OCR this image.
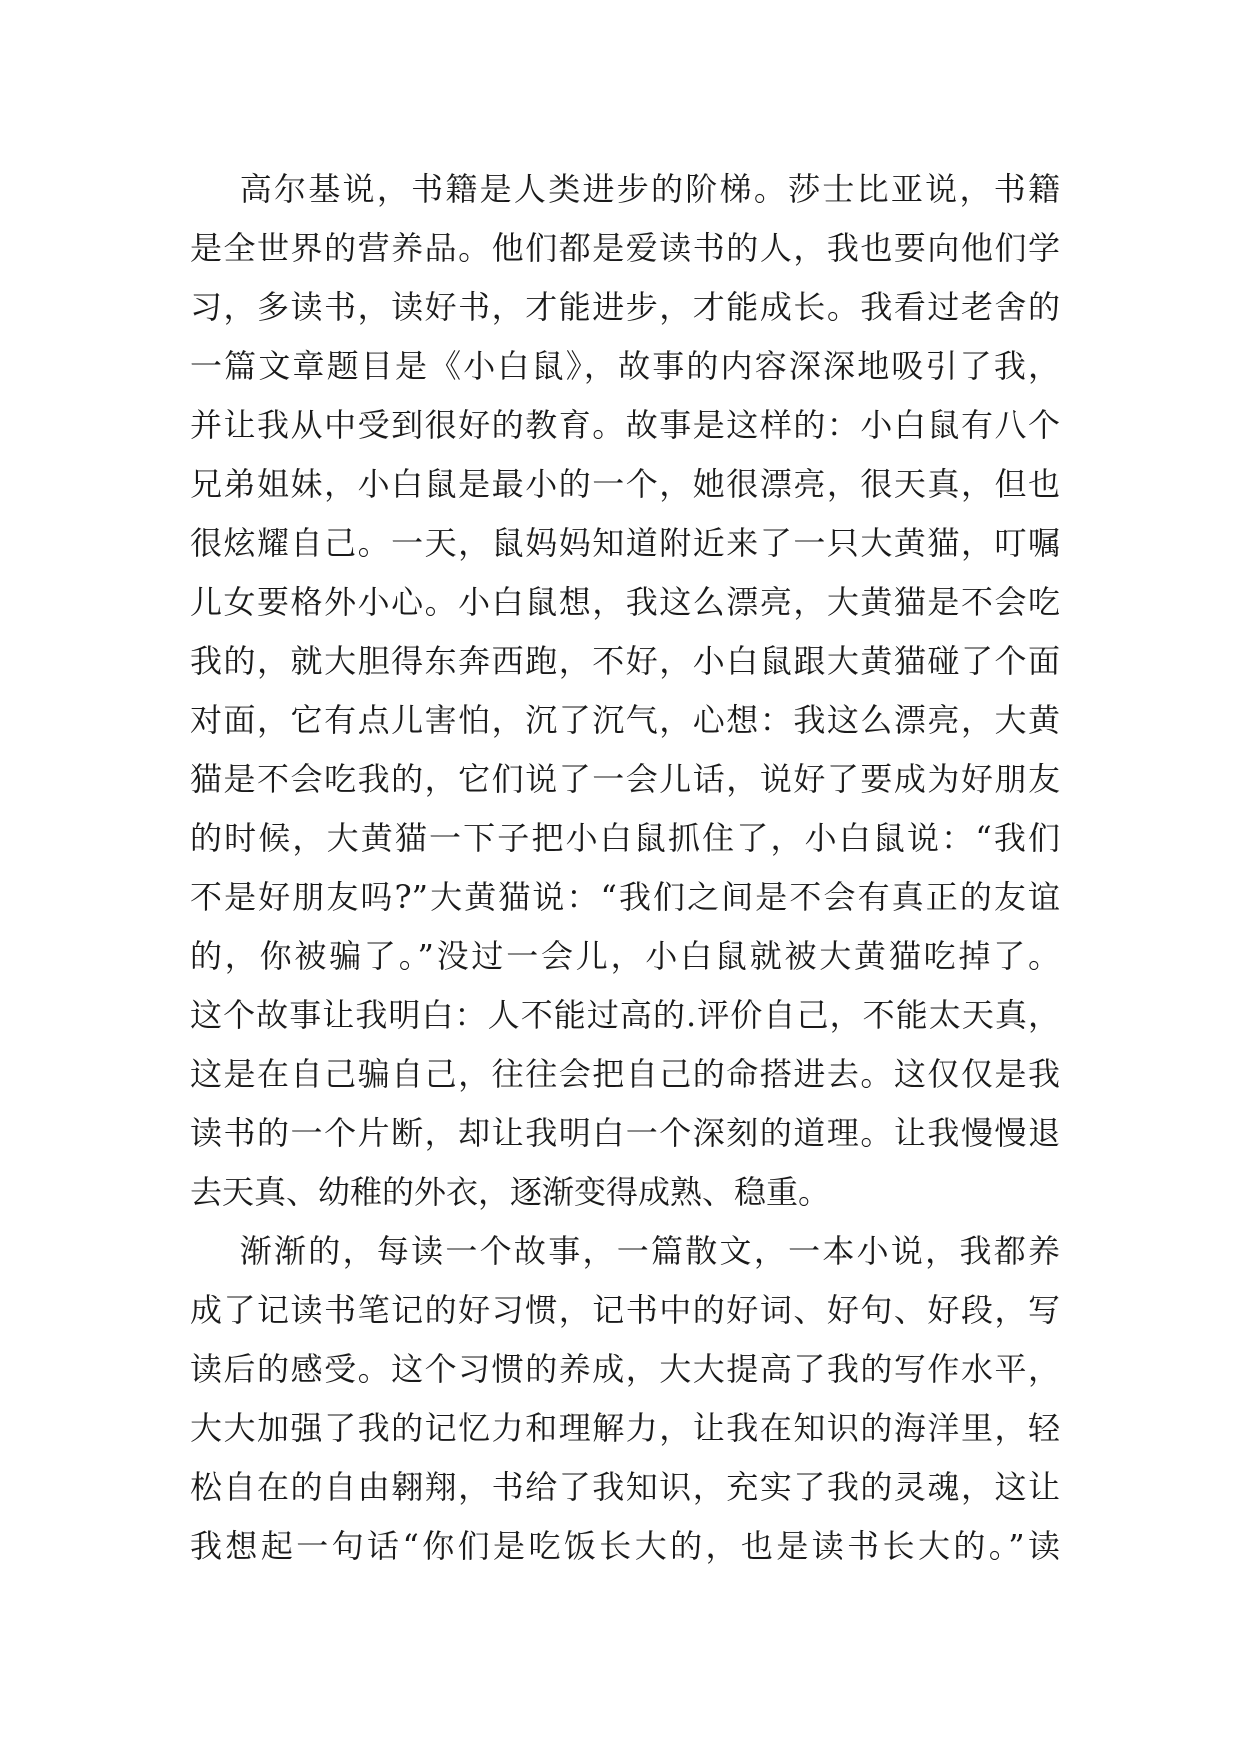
高尔基说，书籍是人类进步的阶梯。莎士比亚说，书籍
是全世界的营养品。他们都是爱读书的人，我也要向他们学
习，多读书，读好书，才能进步，才能成长。我看过老舍的
一篇文章题目是《小白鼠》，故事的内容深深地吸引了我，
并让我从中受到很好的教育。故事是这样的：小白鼠有八个
兄弟姐妹，小白鼠是最小的一个，她很漂亮，很天真，但也
很炫耀自己。一天，鼠妈妈知道附近来了一只大黄猫，叮嘱
儿女要格外小心。小白鼠想，我这么漂亮，大黄猫是不会吃
我的，就大胆得东奔西跑，不好，小白鼠跟大黄猫碰了个面
对面，它有点儿害怕，沉了沉气，心想：我这么漂亮，大黄
猫是不会吃我的，它们说了一会儿话，说好了要成为好朋友
的时候，大黄猫一下子把小白鼠抓住了，小白鼠说：“我们
不是好朋友吗?”大黄猫说：“我们之间是不会有真正的友谊
的，你被骗了。”没过一会儿，小白鼠就被大黄猫吃掉了。
这个故事让我明白：人不能过高的.评价自己，不能太天真，
这是在自己骗自己，往往会把自己的命搭进去。这仅仅是我
读书的一个片断，却让我明白一个深刻的道理。让我慢慢退
去天真、幼稚的外衣，逐渐变得成熟、稳重。
渐渐的，每读一个故事，一篇散文，一本小说，我都养
成了记读书笔记的好习惯，记书中的好词、好句、好段，写
读后的感受。这个习惯的养成，大大提高了我的写作水平，
大大加强了我的记忆力和理解力，让我在知识的海洋里，轻
松自在的自由翱翔，书给了我知识，充实了我的灵魂，这让
我想起一句话“你们是吃饭长大的，也是读书长大的。”读
